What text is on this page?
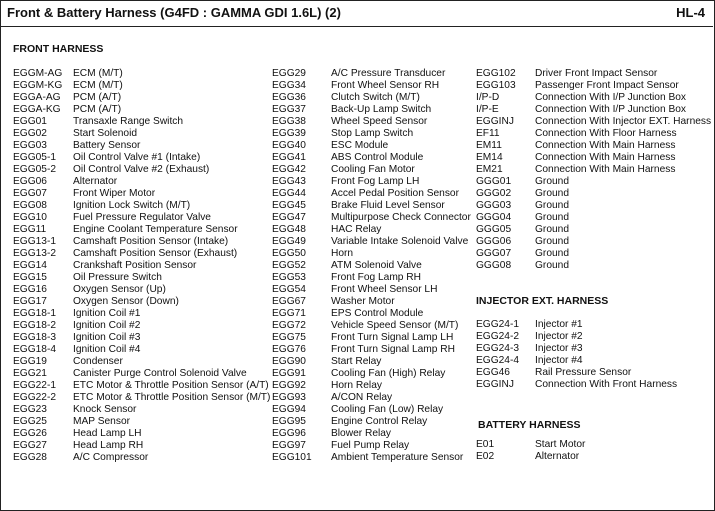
Front & Battery Harness (G4FD : GAMMA GDI 1.6L) (2)	HL-4
FRONT HARNESS
INJECTOR EXT. HARNESS
BATTERY HARNESS
EGGM-AG ECM (M/T)
EGGM-KG ECM (M/T)
EGGA-AG PCM (A/T)
EGGA-KG PCM (A/T)
EGG01	Transaxle Range Switch
EGG02	Start Solenoid
EGG03	Battery Sensor
EGG05-1 Oil Control Valve #1 (Intake)
EGG05-2 Oil Control Valve #2 (Exhaust)
EGG06	Alternator
EGG07	Front Wiper Motor
EGG08	Ignition Lock Switch (M/T)
EGG10	Fuel Pressure Regulator Valve
EGG11	Engine Coolant Temperature Sensor
EGG13-1 Camshaft Position Sensor (Intake)
EGG13-2 Camshaft Position Sensor (Exhaust)
EGG14	Crankshaft Position Sensor
EGG15	Oil Pressure Switch
EGG16	Oxygen Sensor (Up)
EGG17	Oxygen Sensor (Down)
EGG18-1 Ignition Coil #1
EGG18-2 Ignition Coil #2
EGG18-3 Ignition Coil #3
EGG18-4 Ignition Coil #4
EGG19	Condenser
EGG21	Canister Purge Control Solenoid Valve
EGG22-1 ETC Motor & Throttle Position Sensor (A/T)
EGG22-2 ETC Motor & Throttle Position Sensor (M/T)
EGG23	Knock Sensor
EGG25	MAP Sensor
EGG26	Head Lamp LH
EGG27	Head Lamp RH
EGG28	A/C Compressor
EGG29 A/C Pressure Transducer
EGG34 Front Wheel Sensor RH
EGG36 Clutch Switch (M/T)
EGG37 Back-Up Lamp Switch
EGG38 Wheel Speed Sensor
EGG39 Stop Lamp Switch
EGG40 ESC Module
EGG41 ABS Control Module
EGG42 Cooling Fan Motor
EGG43 Front Fog Lamp LH
EGG44 Accel Pedal Position Sensor
EGG45 Brake Fluid Level Sensor
EGG47 Multipurpose Check Connector
EGG48 HAC Relay
EGG49 Variable Intake Solenoid Valve
EGG50 Horn
EGG52 ATM Solenoid Valve
EGG53 Front Fog Lamp RH
EGG54 Front Wheel Sensor LH
EGG67 Washer Motor
EGG71 EPS Control Module
EGG72 Vehicle Speed Sensor (M/T)
EGG75 Front Turn Signal Lamp LH
EGG76 Front Turn Signal Lamp RH
EGG90 Start Relay
EGG91 Cooling Fan (High) Relay
EGG92 Horn Relay
EGG93 A/CON Relay
EGG94 Cooling Fan (Low) Relay
EGG95 Engine Control Relay
EGG96 Blower Relay
EGG97 Fuel Pump Relay
EGG101 Ambient Temperature Sensor
EGG102 Driver Front Impact Sensor
EGG103 Passenger Front Impact Sensor
I/P-D	Connection With I/P Junction Box
I/P-E	Connection With I/P Junction Box
EGGINJ Connection With Injector EXT. Harness
EF11	Connection With Floor Harness
EM11	Connection With Main Harness
EM14	Connection With Main Harness
EM21	Connection With Main Harness
GGG01 Ground
GGG02 Ground
GGG03 Ground
GGG04 Ground
GGG05 Ground
GGG06 Ground
GGG07 Ground
GGG08 Ground
EGG24-1 Injector #1
EGG24-2 Injector #2
EGG24-3 Injector #3
EGG24-4 Injector #4
EGG46 Rail Pressure Sensor
EGGINJ Connection With Front Harness
E01	Start Motor
E02	Alternator
